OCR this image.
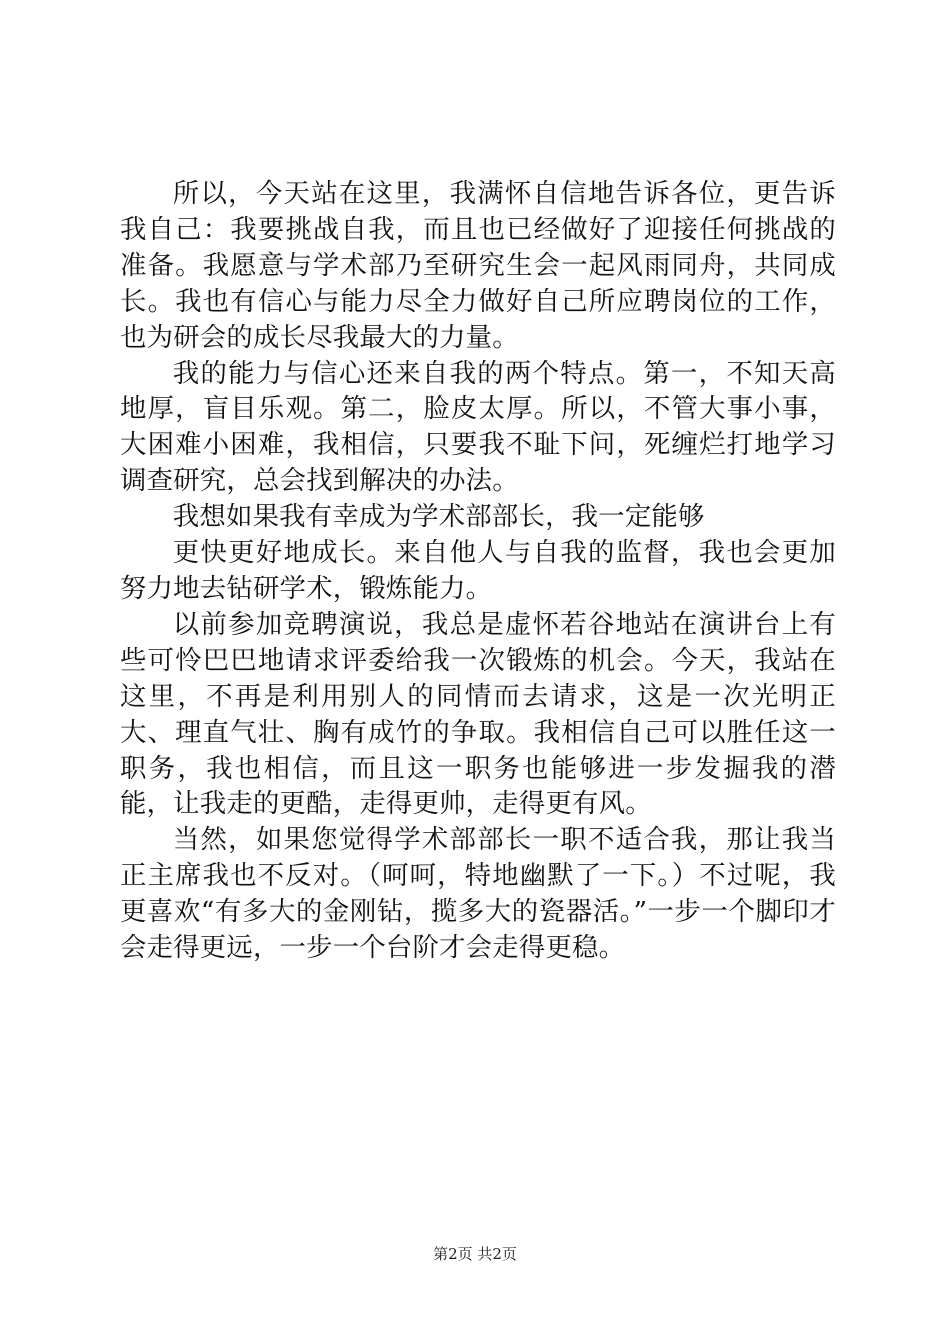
所以，今天站在这里，我满怀自信地告诉各位，更告诉我自己：我要挑战自我，而且也已经做好了迎接任何挑战的准备。我愿意与学术部乃至研究生会一起风雨同舟，共同成长。我也有信心与能力尽全力做好自己所应聘岗位的工作，也为研会的成长尽我最大的力量。

我的能力与信心还来自我的两个特点。第一，不知天高地厚，盲目乐观。第二，脸皮太厚。所以，不管大事小事，大困难小困难，我相信，只要我不耻下问，死缠烂打地学习调查研究，总会找到解决的办法。

我想如果我有幸成为学术部部长，我一定能够

更快更好地成长。来自他人与自我的监督，我也会更加努力地去钻研学术，锻炼能力。

以前参加竞聘演说，我总是虚怀若谷地站在演讲台上有些可怜巴巴地请求评委给我一次锻炼的机会。今天，我站在这里，不再是利用别人的同情而去请求，这是一次光明正大、理直气壮、胸有成竹的争取。我相信自己可以胜任这一职务，我也相信，而且这一职务也能够进一步发掘我的潜能，让我走的更酷，走得更帅，走得更有风。

当然，如果您觉得学术部部长一职不适合我，那让我当正主席我也不反对。（呵呵，特地幽默了一下。）不过呢，我更喜欢“有多大的金刚钻，揽多大的瓷器活。”一步一个脚印才会走得更远，一步一个台阶才会走得更稳。

第2页 共2页
